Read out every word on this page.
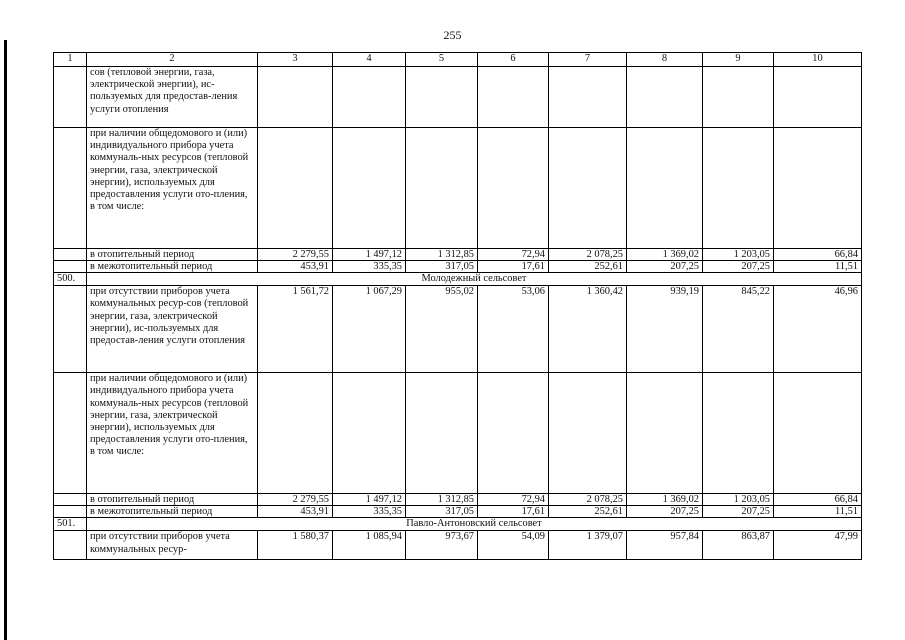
255
1	2	3	4	5	6	7	8	9	10
	сов (тепловой энергии, газа, электрической энергии), ис-пользуемых для предостав-ления услуги отопления								
	при наличии общедомового и (или) индивидуального прибора учета коммуналь-ных ресурсов (тепловой энергии, газа, электрической энергии), используемых для предоставления услуги ото-пления, в том числе:								
	в отопительный период	2 279,55	1 497,12	1 312,85	72,94	2 078,25	1 369,02	1 203,05	66,84
	в межотопительный период	453,91	335,35	317,05	17,61	252,61	207,25	207,25	11,51
500.	Молодежный сельсовет								
	при отсутствии приборов учета коммунальных ресур-сов (тепловой энергии, газа, электрической энергии), ис-пользуемых для предостав-ления услуги отопления	1 561,72	1 067,29	955,02	53,06	1 360,42	939,19	845,22	46,96
	при наличии общедомового и (или) индивидуального прибора учета коммуналь-ных ресурсов (тепловой энергии, газа, электрической энергии), используемых для предоставления услуги ото-пления, в том числе:								
	в отопительный период	2 279,55	1 497,12	1 312,85	72,94	2 078,25	1 369,02	1 203,05	66,84
	в межотопительный период	453,91	335,35	317,05	17,61	252,61	207,25	207,25	11,51
501.	Павло-Антоновский сельсовет								
	при отсутствии приборов учета коммунальных ресур-	1 580,37	1 085,94	973,67	54,09	1 379,07	957,84	863,87	47,99
